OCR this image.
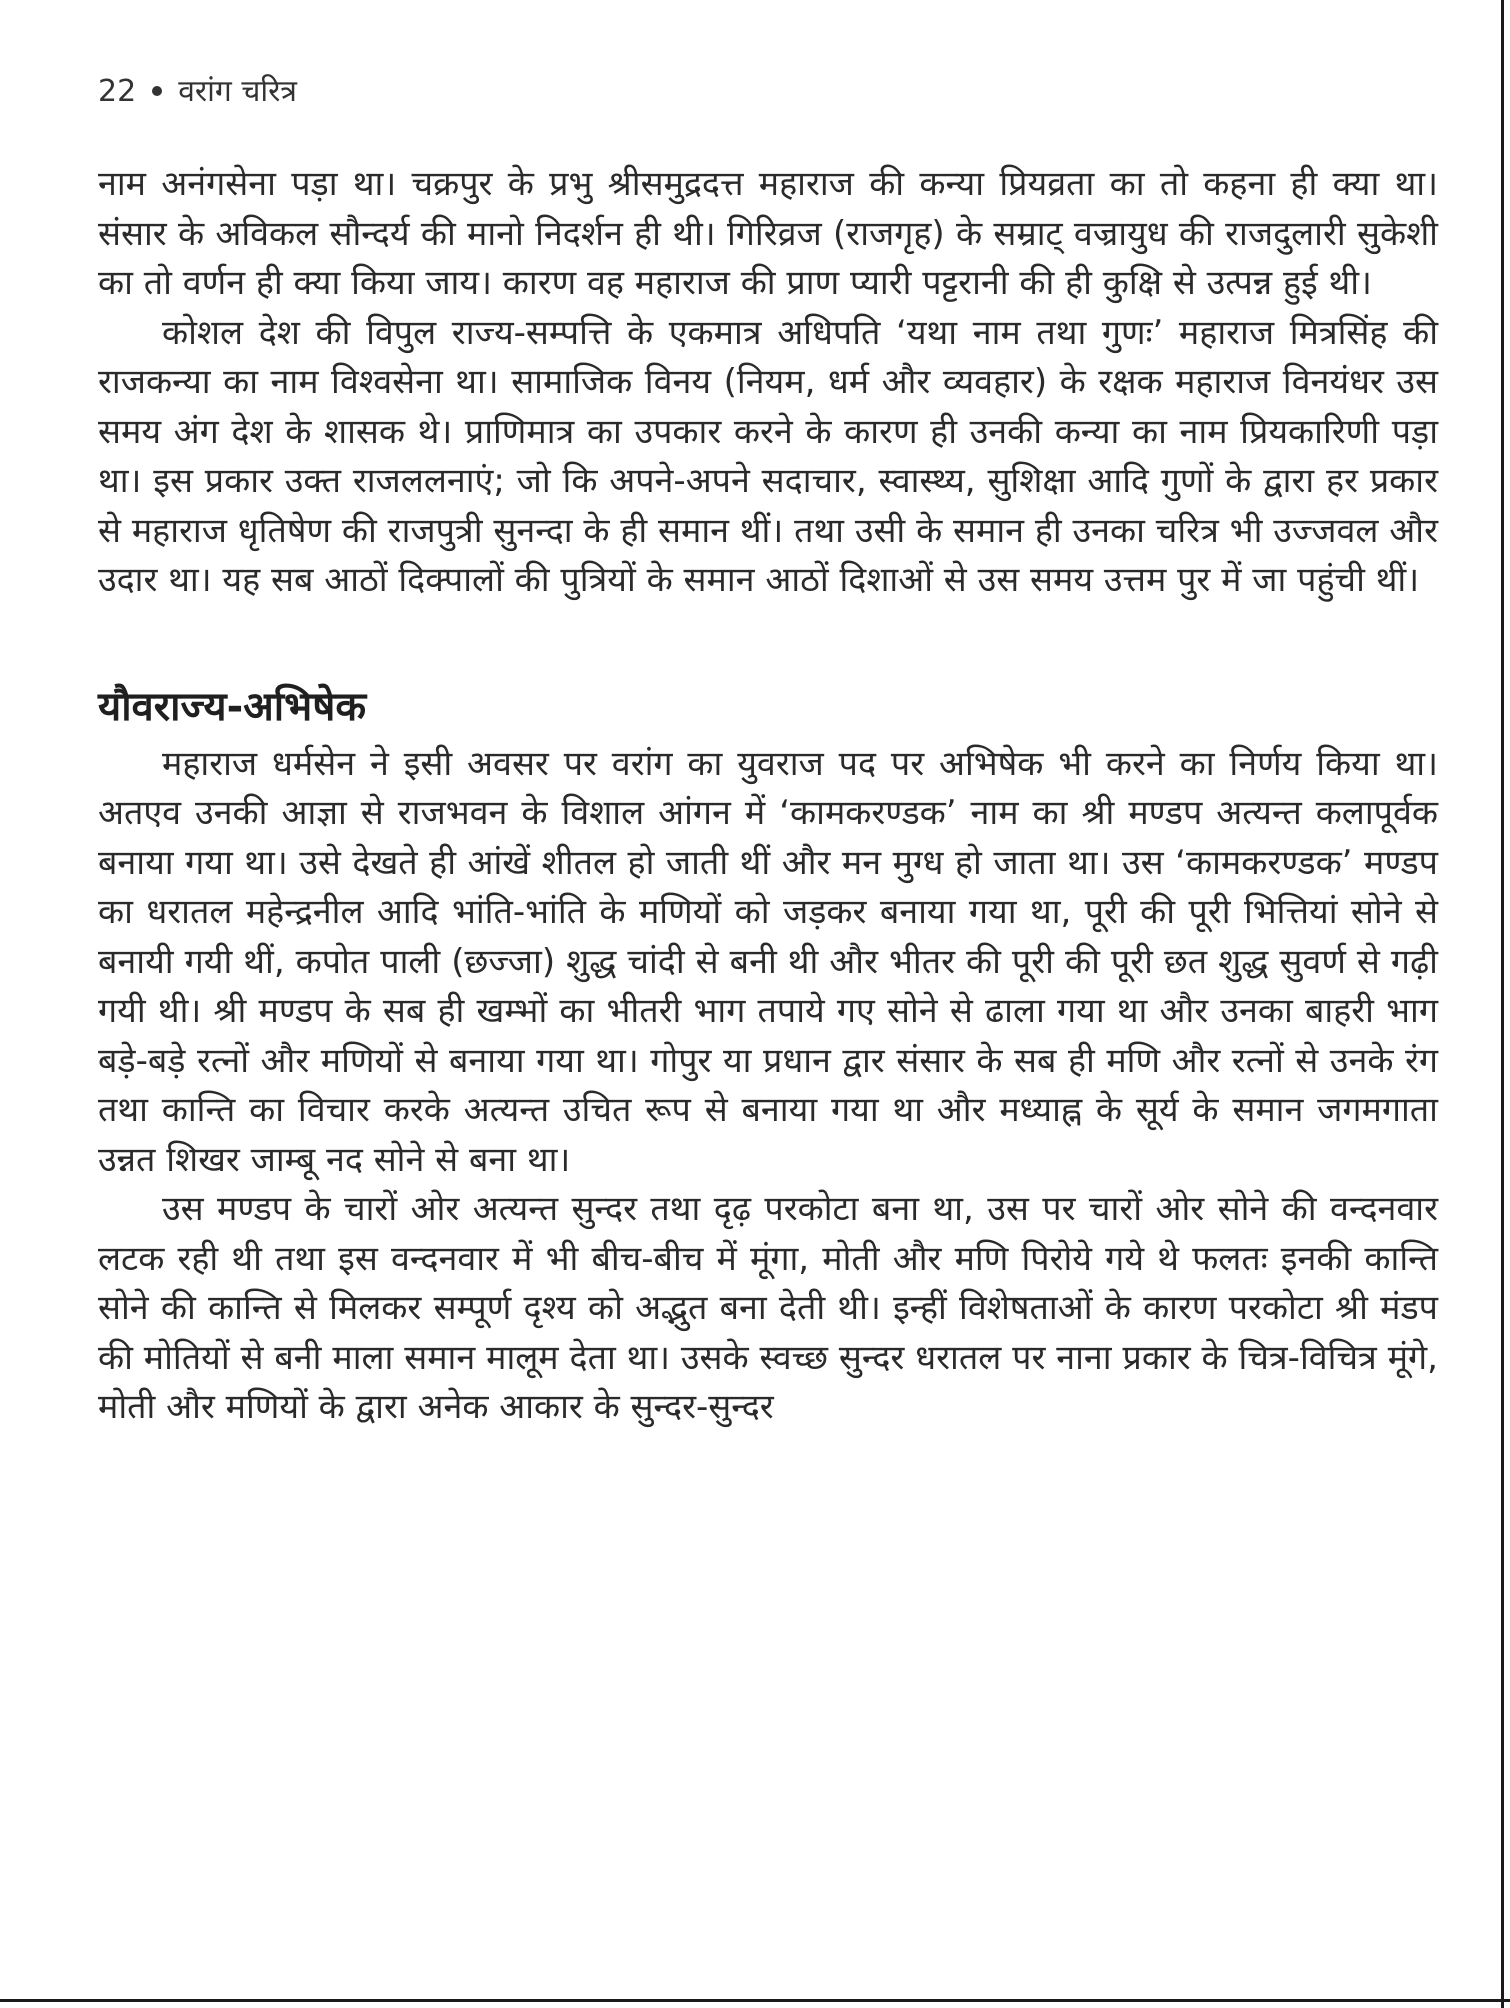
22 वरांग चरित्र

नाम अनंगसेना पड़ा था। चक्रपुर के प्रभु श्रीसमुद्रदत्त महाराज की कन्या प्रियव्रता का तो कहना ही क्या था। संसार के अविकल सौन्दर्य की मानो निदर्शन ही थी। गिरिव्रज (राजगृह) के सम्राट् वज्रायुध की राजदुलारी सुकेशी का तो वर्णन ही क्या किया जाय। कारण वह महाराज की प्राण प्यारी पट्टरानी की ही कुक्षि से उत्पन्न हुई थी।

कोशल देश की विपुल राज्य-सम्पत्ति के एकमात्र अधिपति ‘यथा नाम तथा गुणः’ महाराज मित्रसिंह की राजकन्या का नाम विश्वसेना था। सामाजिक विनय (नियम, धर्म और व्यवहार) के रक्षक महाराज विनयंधर उस समय अंग देश के शासक थे। प्राणिमात्र का उपकार करने के कारण ही उनकी कन्या का नाम प्रियकारिणी पड़ा था। इस प्रकार उक्त राजललनाएं; जो कि अपने-अपने सदाचार, स्वास्थ्य, सुशिक्षा आदि गुणों के द्वारा हर प्रकार से महाराज धृतिषेण की राजपुत्री सुनन्दा के ही समान थीं। तथा उसी के समान ही उनका चरित्र भी उज्जवल और उदार था। यह सब आठों दिक्पालों की पुत्रियों के समान आठों दिशाओं से उस समय उत्तम पुर में जा पहुंची थीं।

यौवराज्य-अभिषेक

महाराज धर्मसेन ने इसी अवसर पर वरांग का युवराज पद पर अभिषेक भी करने का निर्णय किया था। अतएव उनकी आज्ञा से राजभवन के विशाल आंगन में ‘कामकरण्डक’ नाम का श्री मण्डप अत्यन्त कलापूर्वक बनाया गया था। उसे देखते ही आंखें शीतल हो जाती थीं और मन मुग्ध हो जाता था। उस ‘कामकरण्डक’ मण्डप का धरातल महेन्द्रनील आदि भांति-भांति के मणियों को जड़कर बनाया गया था, पूरी की पूरी भित्तियां सोने से बनायी गयी थीं, कपोत पाली (छज्जा) शुद्ध चांदी से बनी थी और भीतर की पूरी की पूरी छत शुद्ध सुवर्ण से गढ़ी गयी थी। श्री मण्डप के सब ही खम्भों का भीतरी भाग तपाये गए सोने से ढाला गया था और उनका बाहरी भाग बड़े-बड़े रत्नों और मणियों से बनाया गया था। गोपुर या प्रधान द्वार संसार के सब ही मणि और रत्नों से उनके रंग तथा कान्ति का विचार करके अत्यन्त उचित रूप से बनाया गया था और मध्याह्न के सूर्य के समान जगमगाता उन्नत शिखर जाम्बू नद सोने से बना था।

उस मण्डप के चारों ओर अत्यन्त सुन्दर तथा दृढ़ परकोटा बना था, उस पर चारों ओर सोने की वन्दनवार लटक रही थी तथा इस वन्दनवार में भी बीच-बीच में मूंगा, मोती और मणि पिरोये गये थे फलतः इनकी कान्ति सोने की कान्ति से मिलकर सम्पूर्ण दृश्य को अद्भुत बना देती थी। इन्हीं विशेषताओं के कारण परकोटा श्री मंडप की मोतियों से बनी माला समान मालूम देता था। उसके स्वच्छ सुन्दर धरातल पर नाना प्रकार के चित्र-विचित्र मूंगे, मोती और मणियों के द्वारा अनेक आकार के सुन्दर-सुन्दर
